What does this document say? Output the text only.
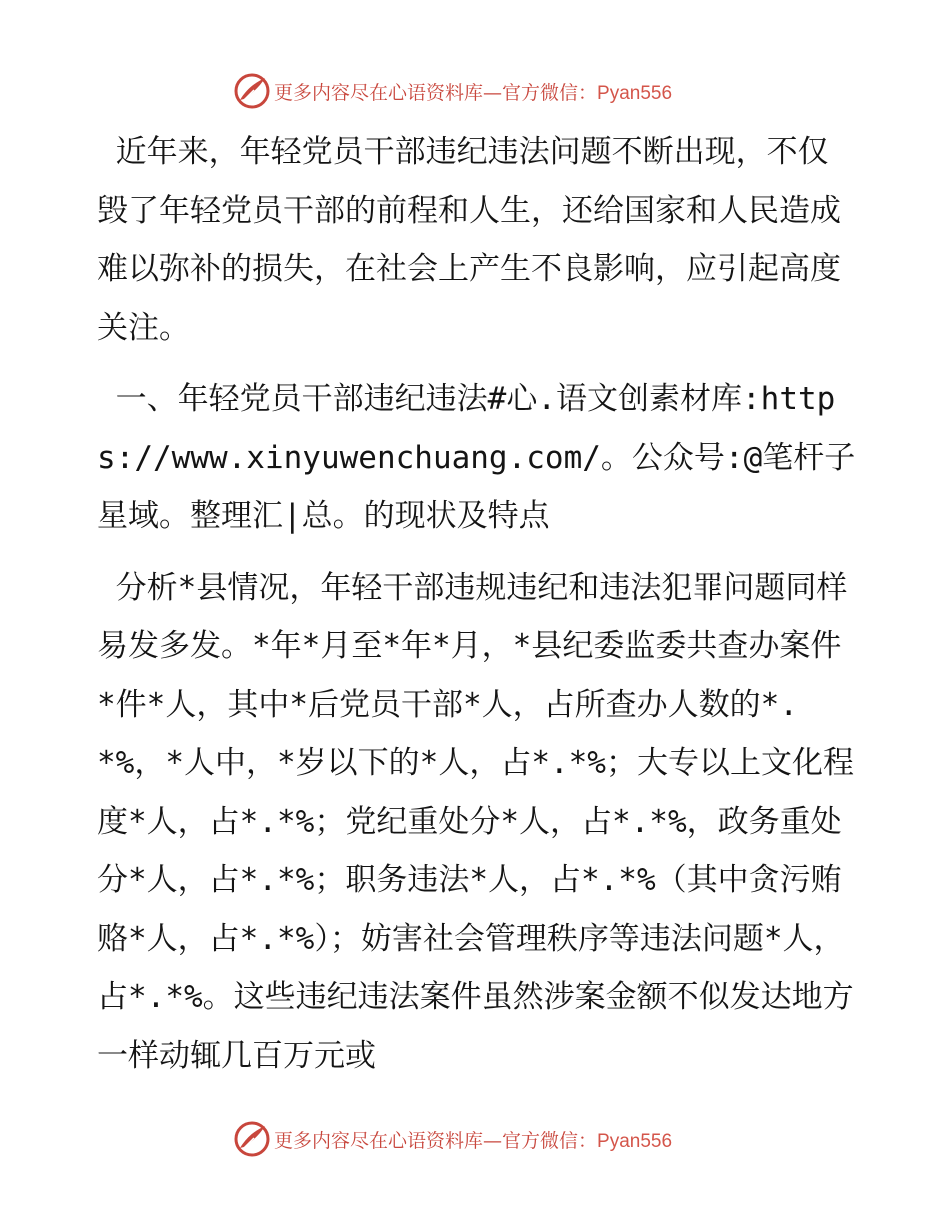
更多内容尽在心语资料库—官方微信：Pyan556

近年来，年轻党员干部违纪违法问题不断出现，不仅毁了年轻党员干部的前程和人生，还给国家和人民造成难以弥补的损失，在社会上产生不良影响，应引起高度关注。

一、年轻党员干部违纪违法#心.语文创素材库:https://www.xinyuwenchuang.com/。公众号:@笔杆子星域。整理汇|总。的现状及特点

分析*县情况，年轻干部违规违纪和违法犯罪问题同样易发多发。*年*月至*年*月，*县纪委监委共查办案件*件*人，其中*后党员干部*人，占所查办人数的*.*%，*人中，*岁以下的*人，占*.*%；大专以上文化程度*人，占*.*%；党纪重处分*人，占*.*%，政务重处分*人，占*.*%；职务违法*人，占*.*%（其中贪污贿赂*人，占*.*%）；妨害社会管理秩序等违法问题*人，占*.*%。这些违纪违法案件虽然涉案金额不似发达地方一样动辄几百万元或

更多内容尽在心语资料库—官方微信：Pyan556
